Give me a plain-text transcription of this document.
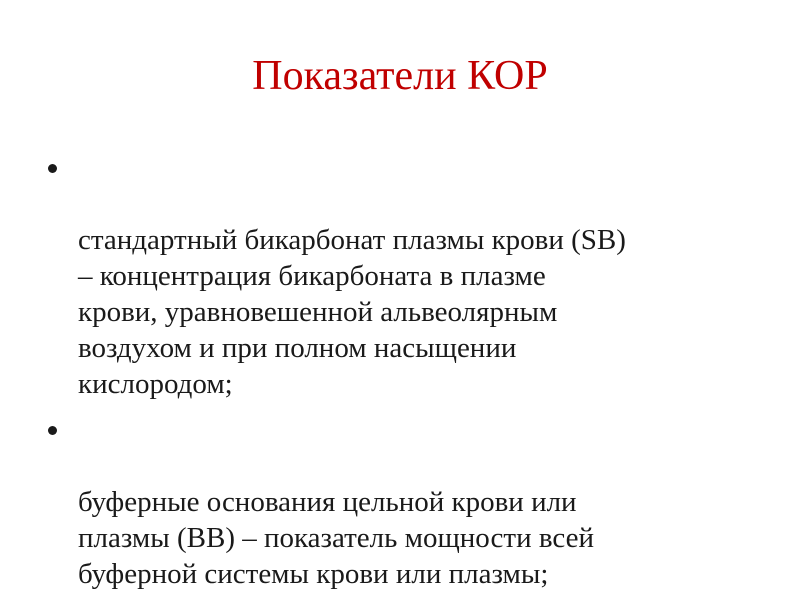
Показатели КОР

стандартный бикарбонат плазмы крови (SB)
– концентрация бикарбоната в плазме
крови, уравновешенной альвеолярным
воздухом и при полном насыщении
кислородом;

буферные основания цельной крови или
плазмы (ВВ) – показатель мощности всей
буферной системы крови или плазмы;
